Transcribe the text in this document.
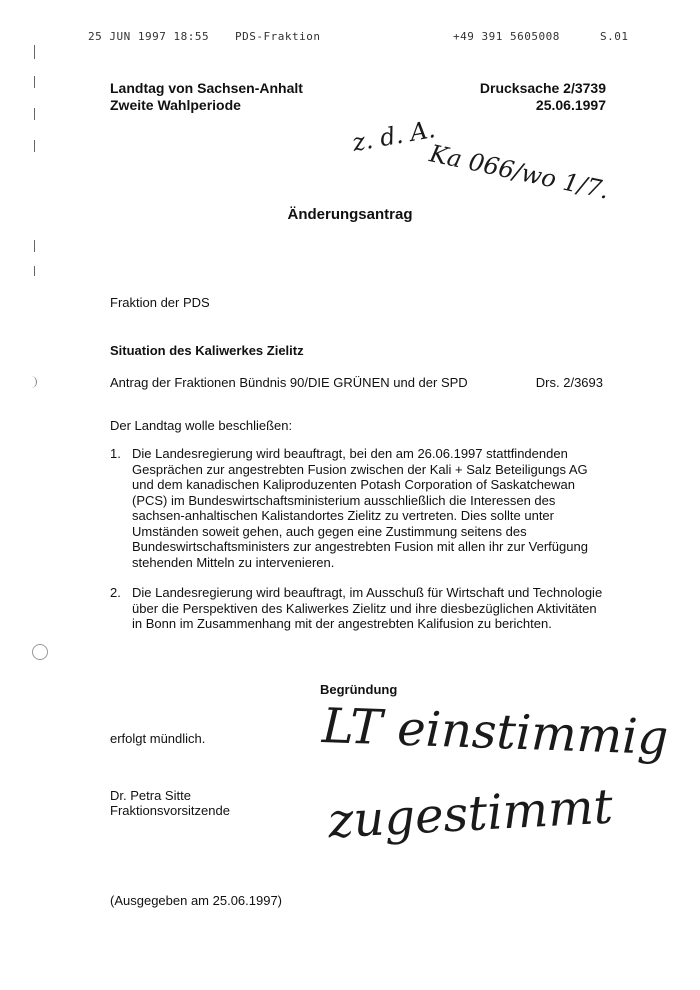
25 JUN 1997 18:55 PDS-Fraktion	+49 391 5605008	S.01
Landtag von Sachsen-Anhalt
Zweite Wahlperiode
Drucksache 2/3739
25.06.1997
z. d. A.
Ka 066/wo 1/7.
Änderungsantrag
Fraktion der PDS
Situation des Kaliwerkes Zielitz
Antrag der Fraktionen Bündnis 90/DIE GRÜNEN und der SPD	Drs. 2/3693
Der Landtag wolle beschließen:
1. Die Landesregierung wird beauftragt, bei den am 26.06.1997 stattfindenden Gesprächen zur angestrebten Fusion zwischen der Kali + Salz Beteiligungs AG und dem kanadischen Kaliproduzenten Potash Corporation of Saskatchewan (PCS) im Bundeswirtschaftsministerium ausschließlich die Interessen des sachsen-anhaltischen Kalistandortes Zielitz zu vertreten. Dies sollte unter Umständen soweit gehen, auch gegen eine Zustimmung seitens des Bundeswirtschaftsministers zur angestrebten Fusion mit allen ihr zur Verfügung stehenden Mitteln zu intervenieren.
2. Die Landesregierung wird beauftragt, im Ausschuß für Wirtschaft und Technologie über die Perspektiven des Kaliwerkes Zielitz und ihre diesbezüglichen Aktivitäten in Bonn im Zusammenhang mit der angestrebten Kalifusion zu berichten.
Begründung
erfolgt mündlich.
Dr. Petra Sitte
Fraktionsvorsitzende
LT einstimmig
zugestimmt
(Ausgegeben am 25.06.1997)
